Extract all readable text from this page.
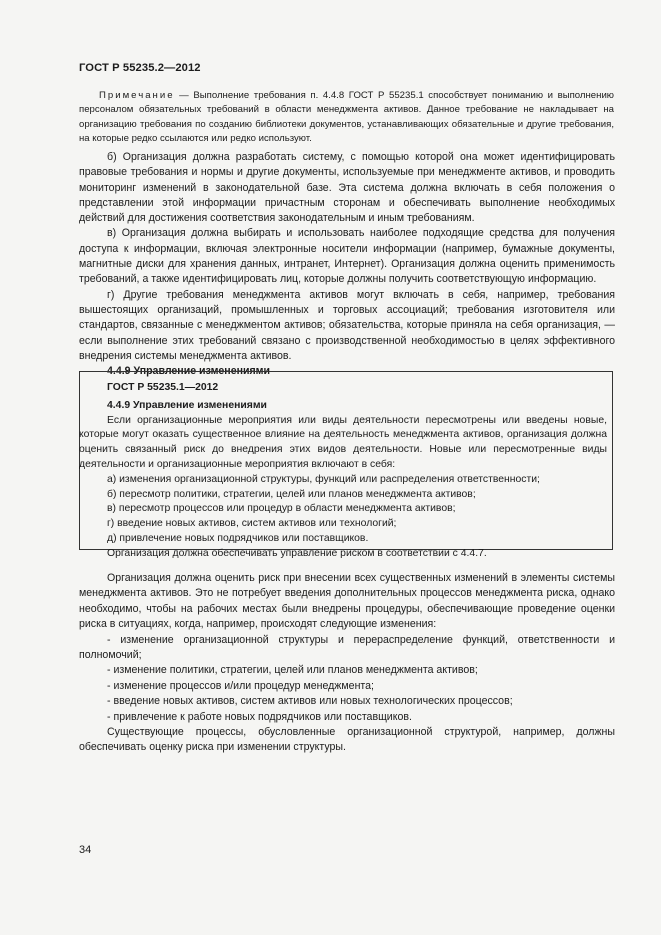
ГОСТ Р 55235.2—2012

Примечание — Выполнение требования п. 4.4.8 ГОСТ Р 55235.1 способствует пониманию и выполнению персоналом обязательных требований в области менеджмента активов. Данное требование не накладывает на организацию требования по созданию библиотеки документов, устанавливающих обязательные и другие требования, на которые редко ссылаются или редко используют.

б) Организация должна разработать систему, с помощью которой она может идентифицировать правовые требования и нормы и другие документы, используемые при менеджменте активов, и проводить мониторинг изменений в законодательной базе. Эта система должна включать в себя положения о представлении этой информации причастным сторонам и обеспечивать выполнение необходимых действий для достижения соответствия законодательным и иным требованиям.

в) Организация должна выбирать и использовать наиболее подходящие средства для получения доступа к информации, включая электронные носители информации (например, бумажные документы, магнитные диски для хранения данных, интранет, Интернет). Организация должна оценить применимость требований, а также идентифицировать лиц, которые должны получить соответствующую информацию.

г) Другие требования менеджмента активов могут включать в себя, например, требования вышестоящих организаций, промышленных и торговых ассоциаций; требования изготовителя или стандартов, связанные с менеджментом активов; обязательства, которые приняла на себя организация, — если выполнение этих требований связано с производственной необходимостью в целях эффективного внедрения системы менеджмента активов.

4.4.9 Управление изменениями

ГОСТ Р 55235.1—2012

4.4.9 Управление изменениями

Если организационные мероприятия или виды деятельности пересмотрены или введены новые, которые могут оказать существенное влияние на деятельность менеджмента активов, организация должна оценить связанный риск до внедрения этих видов деятельности. Новые или пересмотренные виды деятельности и организационные мероприятия включают в себя:

а) изменения организационной структуры, функций или распределения ответственности;

б) пересмотр политики, стратегии, целей или планов менеджмента активов;

в) пересмотр процессов или процедур в области менеджмента активов;

г) введение новых активов, систем активов или технологий;

д) привлечение новых подрядчиков или поставщиков.

Организация должна обеспечивать управление риском в соответствии с 4.4.7.

Организация должна оценить риск при внесении всех существенных изменений в элементы системы менеджмента активов. Это не потребует введения дополнительных процессов менеджмента риска, однако необходимо, чтобы на рабочих местах были внедрены процедуры, обеспечивающие проведение оценки риска в ситуациях, когда, например, происходят следующие изменения:

- изменение организационной структуры и перераспределение функций, ответственности и полномочий;

- изменение политики, стратегии, целей или планов менеджмента активов;

- изменение процессов и/или процедур менеджмента;

- введение новых активов, систем активов или новых технологических процессов;

- привлечение к работе новых подрядчиков или поставщиков.

Существующие процессы, обусловленные организационной структурой, например, должны обеспечивать оценку риска при изменении структуры.

34
